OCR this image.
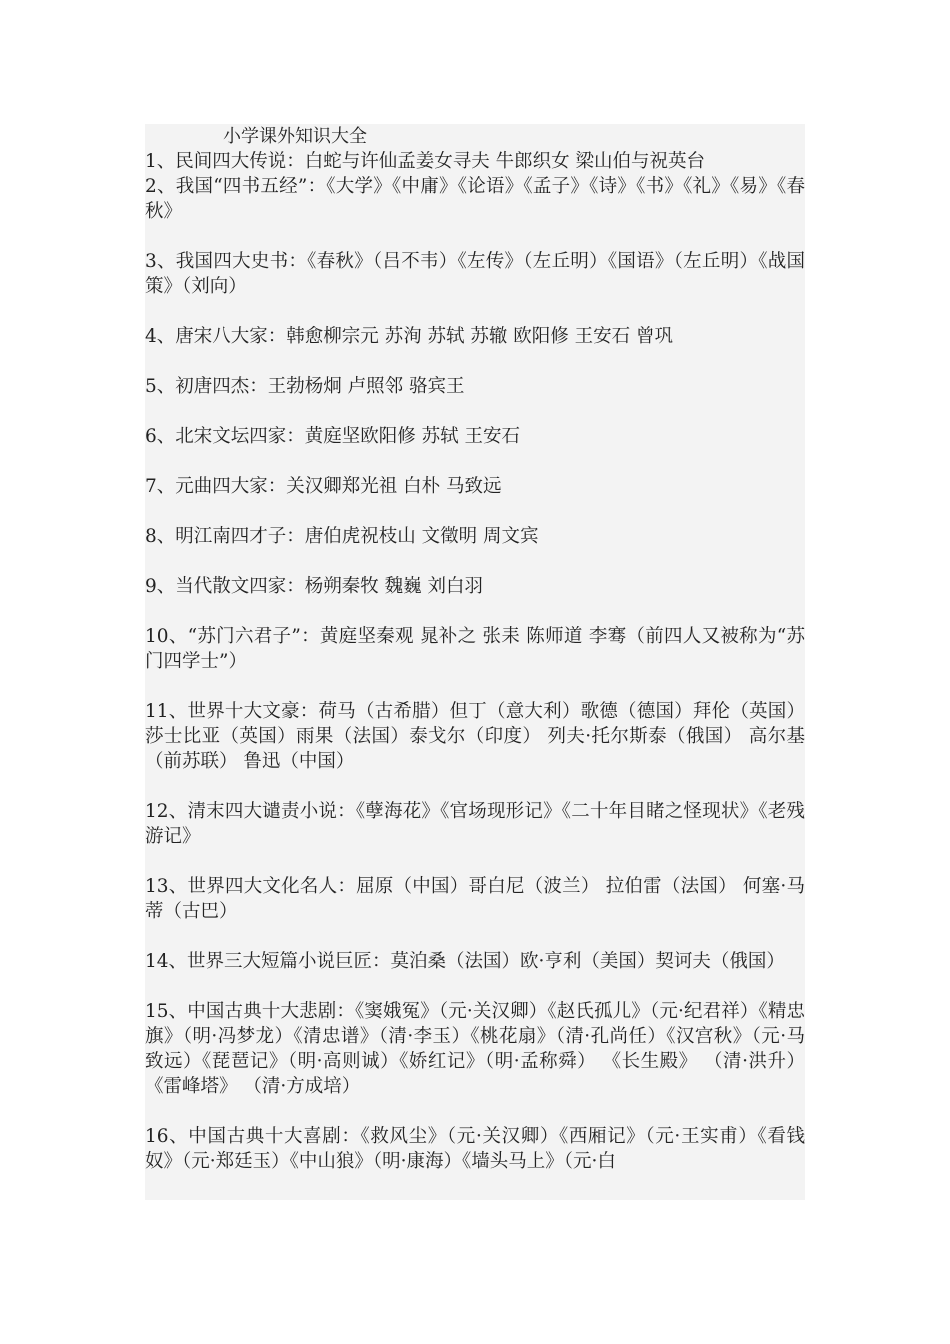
小学课外知识大全

1、民间四大传说：白蛇与许仙孟姜女寻夫 牛郎织女 梁山伯与祝英台

2、我国“四书五经”：《大学》《中庸》《论语》《孟子》《诗》《书》《礼》《易》《春秋》

3、我国四大史书：《春秋》（吕不韦）《左传》（左丘明）《国语》（左丘明）《战国策》（刘向）

4、唐宋八大家：韩愈柳宗元 苏洵 苏轼 苏辙 欧阳修 王安石 曾巩

5、初唐四杰：王勃杨炯 卢照邻 骆宾王

6、北宋文坛四家：黄庭坚欧阳修 苏轼 王安石

7、元曲四大家：关汉卿郑光祖 白朴 马致远

8、明江南四才子：唐伯虎祝枝山 文徵明 周文宾

9、当代散文四家：杨朔秦牧 魏巍 刘白羽

10、“苏门六君子”：黄庭坚秦观 晁补之 张耒 陈师道 李骞（前四人又被称为“苏门四学士”）

11、世界十大文豪：荷马（古希腊）但丁（意大利）歌德（德国）拜伦（英国） 莎士比亚（英国）雨果（法国）泰戈尔（印度） 列夫·托尔斯泰（俄国） 高尔基（前苏联） 鲁迅（中国）

12、清末四大谴责小说：《孽海花》《官场现形记》《二十年目睹之怪现状》《老残游记》

13、世界四大文化名人：屈原（中国）哥白尼（波兰） 拉伯雷（法国） 何塞·马蒂（古巴）

14、世界三大短篇小说巨匠：莫泊桑（法国）欧·亨利（美国）契诃夫（俄国）

15、中国古典十大悲剧：《窦娥冤》（元·关汉卿）《赵氏孤儿》（元·纪君祥）《精忠旗》（明·冯梦龙）《清忠谱》（清·李玉）《桃花扇》（清·孔尚任）《汉宫秋》（元·马致远）《琵琶记》（明·高则诚）《娇红记》（明·孟称舜） 《长生殿》 （清·洪升） 《雷峰塔》 （清·方成培）

16、中国古典十大喜剧：《救风尘》（元·关汉卿）《西厢记》（元·王实甫）《看钱奴》（元·郑廷玉）《中山狼》（明·康海）《墙头马上》（元·白
